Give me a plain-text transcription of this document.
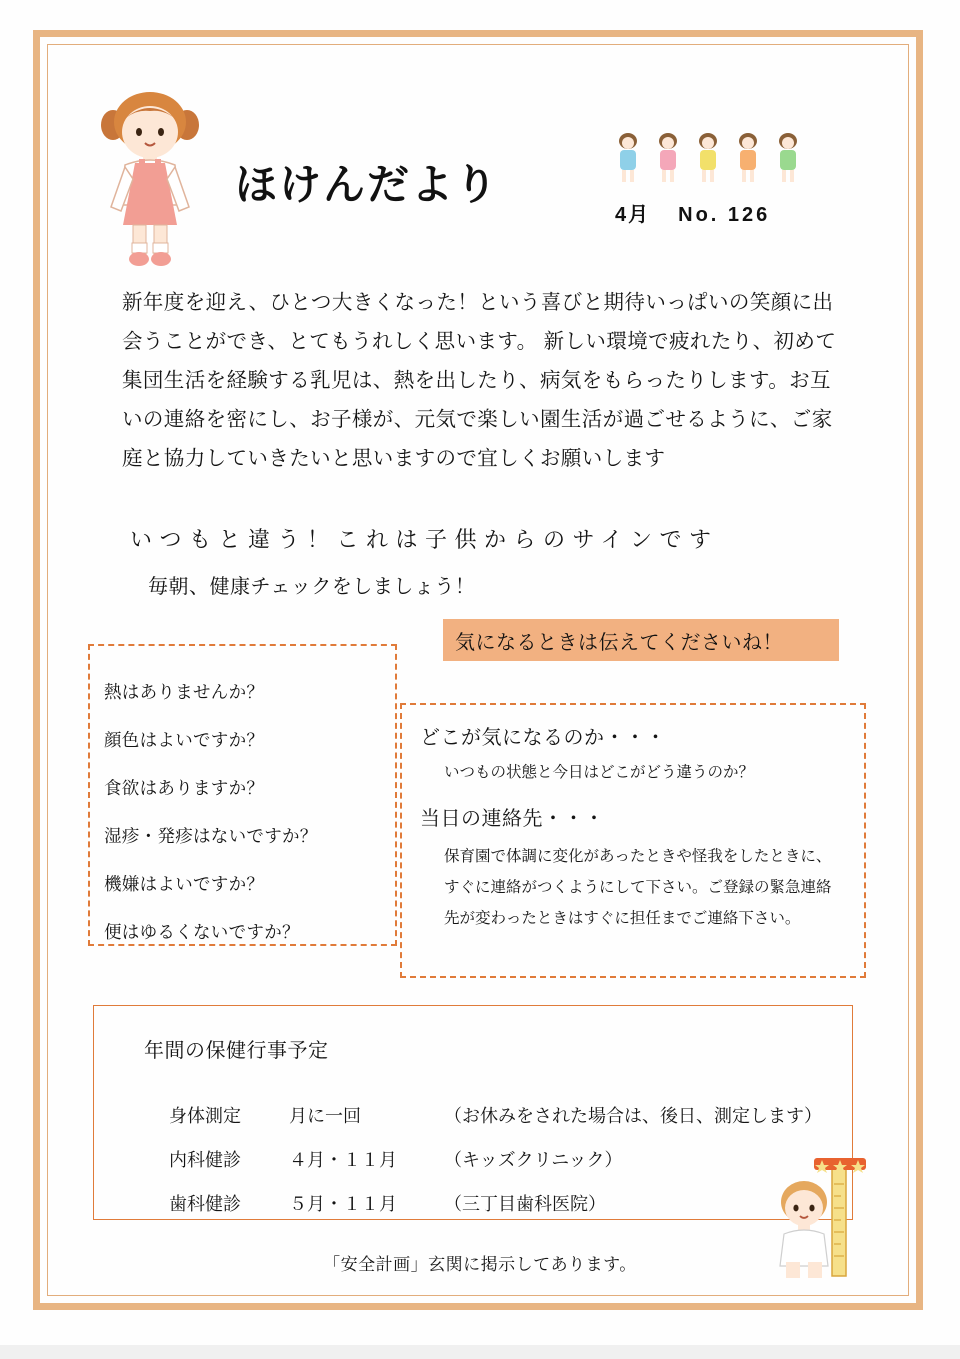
ほけんだより
4月 No. 126
新年度を迎え、ひとつ大きくなった！という喜びと期待いっぱいの笑顔に出会うことができ、とてもうれしく思います。 新しい環境で疲れたり、初めて集団生活を経験する乳児は、熱を出したり、病気をもらったりします。お互いの連絡を密にし、お子様が、元気で楽しい園生活が過ごせるように、ご家庭と協力していきたいと思いますので宜しくお願いします
いつもと違う！これは子供からのサインです
毎朝、健康チェックをしましょう！
気になるときは伝えてくださいね！
熱はありませんか？
顔色はよいですか？
食欲はありますか？
湿疹・発疹はないですか？
機嫌はよいですか？
便はゆるくないですか？
どこが気になるのか・・・
いつもの状態と今日はどこがどう違うのか？
当日の連絡先・・・
保育園で体調に変化があったときや怪我をしたときに、すぐに連絡がつくようにして下さい。ご登録の緊急連絡先が変わったときはすぐに担任までご連絡下さい。
年間の保健行事予定
身体測定	月に一回	（お休みをされた場合は、後日、測定します）
内科健診	４月・１１月	（キッズクリニック）
歯科健診	５月・１１月	（三丁目歯科医院）
「安全計画」玄関に掲示してあります。
